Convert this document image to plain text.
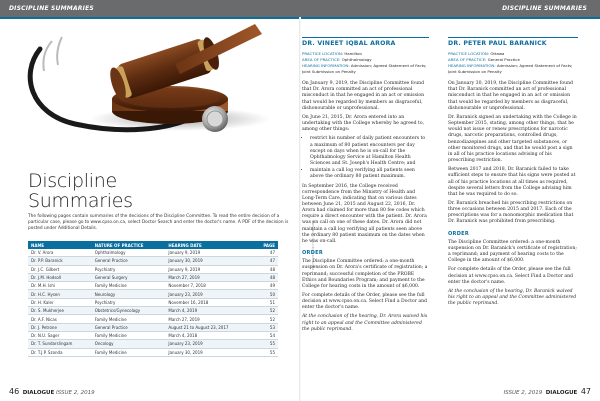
DISCIPLINE SUMMARIES	DISCIPLINE SUMMARIES
Discipline
Summaries
The following pages contain summaries of the decisions of the Discipline Committee. To read the entire decision of a particular case, please go to www.cpso.on.ca, select Doctor Search and enter the doctor's name. A PDF of the decision is posted under Additional Details.
NAME	NATURE OF PRACTICE	HEARING DATE	PAGE
Dr. V. Arora	Ophthalmology	January 9, 2019	47
Dr. P.P. Baranick	General Practice	January 30, 2019	47
Dr. J.C. Gilbert	Psychiatry	January 9, 2019	48
Dr. J.M. Hodsoll	General Surgery	March 27, 2019	48
Dr. M.H. Ishi	Family Medicine	November 7, 2018	49
Dr. H.C. Hysen	Neurology	January 23, 2019	50
Dr. H. Kaler	Psychiatry	November 16, 2018	51
Dr. S. Mukherjee	Obstetrics/Gynecology	March 4, 2019	52
Dr. A.F. Nicas	Family Medicine	March 27, 2019	52
Dr. J. Petrone	General Practice	August 21 to August 23, 2017	53
Dr. N.U. Sager	Family Medicine	March 4, 2018	54
Dr. T. Sundarslingam	Oncology	January 23, 2019	55
Dr. T.J.P. Szonda	Family Medicine	January 30, 2019	55
46 DIALOGUE ISSUE 2, 2019
PHOTO: ISTOCK.COM / SOMEONE
DR. VINEET IQBAL ARORA
PRACTICE LOCATION: Hamilton
AREA OF PRACTICE: Ophthalmology
HEARING INFORMATION: Admission; Agreed Statement of Facts; Joint Submission on Penalty

On January 9, 2019, the Discipline Committee found that Dr. Arora committed an act of professional misconduct in that he engaged in an act or omission that would be regarded by members as disgraceful, dishonourable or unprofessional.

On June 21, 2015, Dr. Arora entered into an undertaking with the College whereby he agreed to, among other things:

• restrict his number of daily patient encounters to a maximum of 80 patient encounters per day except on days when he is on-call for the Ophthalmology Service at Hamilton Health Sciences and St. Joseph's Health Centre; and
• maintain a call log verifying all patients seen above the ordinary 80 patient maximum.

In September 2016, the College received correspondence from the Ministry of Health and Long-Term Care, indicating that on various dates between June 21, 2015 and August 22, 2016, Dr. Arora had claimed for more than 80 fee codes which require a direct encounter with the patient. Dr. Arora was on call on one of these dates. Dr. Arora did not maintain a call log verifying all patients seen above the ordinary 80 patient maximum on the dates when he was on-call.

ORDER

The Discipline Committee ordered: a one-month suspension on Dr. Arora's certificate of registration; a reprimand; successful completion of the PROBE Ethics and Boundaries Program; and payment to the College for hearing costs in the amount of $6,000.

For complete details of the Order, please see the full decision at www.cpso.on.ca. Select Find a Doctor and enter the doctor's name.

At the conclusion of the hearing, Dr. Arora waived his right to an appeal and the Committee administered the public reprimand.

DR. PETER PAUL BARANICK
PRACTICE LOCATION: Ottawa
AREA OF PRACTICE: General Practice
HEARING INFORMATION: Admission; Agreed Statement of Facts; Joint Submission on Penalty

On January 30, 2019, the Discipline Committee found that Dr. Baranick committed an act of professional misconduct in that he engaged in an act or omission that would be regarded by members as disgraceful, dishonourable or unprofessional.

Dr. Baranick signed an undertaking with the College in September 2015, stating, among other things, that he would not issue or renew prescriptions for narcotic drugs, narcotic preparations, controlled drugs, benzodiazepines and other targeted substances, or other monitored drugs, and that he would post a sign in all of his practice locations advising of his prescribing restriction.

Between 2017 and 2018, Dr. Baranick failed to take sufficient steps to ensure that his signs were posted at all of his practice locations at all times as required, despite several letters from the College advising him that he was required to do so.

Dr. Baranick breached his prescribing restrictions on three occasions between 2015 and 2017. Each of the prescriptions was for a monomorphic medication that Dr. Baranick was prohibited from prescribing.

ORDER

The Discipline Committee ordered: a one-month suspension on Dr. Baranick's certificate of registration; a reprimand; and payment of hearing costs to the College in the amount of $6,000.

For complete details of the Order, please see the full decision at www.cpso.on.ca. Select Find a Doctor and enter the doctor's name.

At the conclusion of the hearing, Dr. Baranick waived his right to an appeal and the Committee administered the public reprimand.

ISSUE 2, 2019 DIALOGUE 47
